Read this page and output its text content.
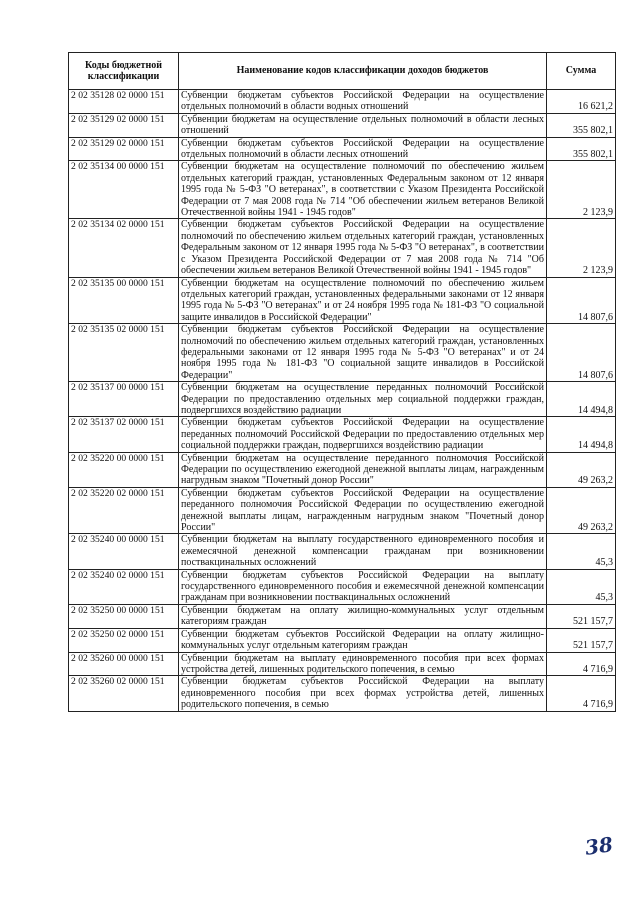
Коды бюджетной классификации	Наименование кодов классификации доходов бюджетов	Сумма
2 02 35128 02 0000 151	Субвенции бюджетам субъектов Российской Федерации на осуществление отдельных полномочий в области водных отношений	16 621,2
2 02 35129 02 0000 151	Субвенции бюджетам на осуществление отдельных полномочий в области лесных отношений	355 802,1
2 02 35129 02 0000 151	Субвенции бюджетам субъектов Российской Федерации на осуществление отдельных полномочий в области лесных отношений	355 802,1
2 02 35134 00 0000 151	Субвенции бюджетам на осуществление полномочий по обеспечению жильем отдельных категорий граждан, установленных Федеральным законом от 12 января 1995 года № 5-ФЗ "О ветеранах", в соответствии с Указом Президента Российской Федерации от 7 мая 2008 года № 714 "Об обеспечении жильем ветеранов Великой Отечественной войны 1941 - 1945 годов"	2 123,9
2 02 35134 02 0000 151	Субвенции бюджетам субъектов Российской Федерации на осуществление полномочий по обеспечению жильем отдельных категорий граждан, установленных Федеральным законом от 12 января 1995 года № 5-ФЗ "О ветеранах", в соответствии с Указом Президента Российской Федерации от 7 мая 2008 года № 714 "Об обеспечении жильем ветеранов Великой Отечественной войны 1941 - 1945 годов"	2 123,9
2 02 35135 00 0000 151	Субвенции бюджетам на осуществление полномочий по обеспечению жильем отдельных категорий граждан, установленных федеральными законами от 12 января 1995 года № 5-ФЗ "О ветеранах" и от 24 ноября 1995 года № 181-ФЗ "О социальной защите инвалидов в Российской Федерации"	14 807,6
2 02 35135 02 0000 151	Субвенции бюджетам субъектов Российской Федерации на осуществление полномочий по обеспечению жильем отдельных категорий граждан, установленных федеральными законами от 12 января 1995 года № 5-ФЗ "О ветеранах" и от 24 ноября 1995 года № 181-ФЗ "О социальной защите инвалидов в Российской Федерации"	14 807,6
2 02 35137 00 0000 151	Субвенции бюджетам на осуществление переданных полномочий Российской Федерации по предоставлению отдельных мер социальной поддержки граждан, подвергшихся воздействию радиации	14 494,8
2 02 35137 02 0000 151	Субвенции бюджетам субъектов Российской Федерации на осуществление переданных полномочий Российской Федерации по предоставлению отдельных мер социальной поддержки граждан, подвергшихся воздействию радиации	14 494,8
2 02 35220 00 0000 151	Субвенции бюджетам на осуществление переданного полномочия Российской Федерации по осуществлению ежегодной денежной выплаты лицам, награжденным нагрудным знаком "Почетный донор России"	49 263,2
2 02 35220 02 0000 151	Субвенции бюджетам субъектов Российской Федерации на осуществление переданного полномочия Российской Федерации по осуществлению ежегодной денежной выплаты лицам, награжденным нагрудным знаком "Почетный донор России"	49 263,2
2 02 35240 00 0000 151	Субвенции бюджетам на выплату государственного единовременного пособия и ежемесячной денежной компенсации гражданам при возникновении поствакцинальных осложнений	45,3
2 02 35240 02 0000 151	Субвенции бюджетам субъектов Российской Федерации на выплату государственного единовременного пособия и ежемесячной денежной компенсации гражданам при возникновении поствакцинальных осложнений	45,3
2 02 35250 00 0000 151	Субвенции бюджетам на оплату жилищно-коммунальных услуг отдельным категориям граждан	521 157,7
2 02 35250 02 0000 151	Субвенции бюджетам субъектов Российской Федерации на оплату жилищно-коммунальных услуг отдельным категориям граждан	521 157,7
2 02 35260 00 0000 151	Субвенции бюджетам на выплату единовременного пособия при всех формах устройства детей, лишенных родительского попечения, в семью	4 716,9
2 02 35260 02 0000 151	Субвенции бюджетам субъектов Российской Федерации на выплату единовременного пособия при всех формах устройства детей, лишенных родительского попечения, в семью	4 716,9
38
